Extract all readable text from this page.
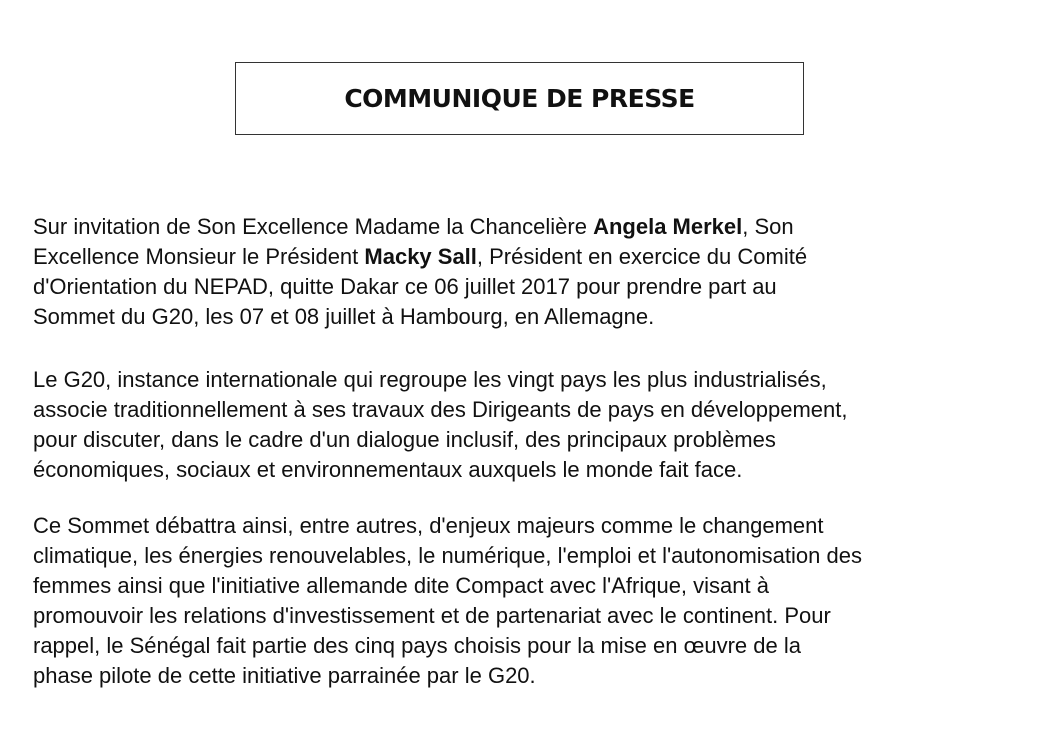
COMMUNIQUE DE PRESSE
Sur invitation de Son Excellence Madame la Chancelière Angela Merkel, Son
Excellence Monsieur le Président Macky Sall, Président en exercice du Comité
d'Orientation du NEPAD, quitte Dakar ce 06 juillet 2017 pour prendre part au
Sommet du G20, les 07 et 08 juillet à Hambourg, en Allemagne.
Le G20, instance internationale qui regroupe les vingt pays les plus industrialisés,
associe traditionnellement à ses travaux des Dirigeants de pays en développement,
pour discuter, dans le cadre d'un dialogue inclusif, des principaux problèmes
économiques, sociaux et environnementaux auxquels le monde fait face.
Ce Sommet débattra ainsi, entre autres, d'enjeux majeurs comme le changement
climatique, les énergies renouvelables, le numérique, l'emploi et l'autonomisation des
femmes ainsi que l'initiative allemande dite Compact avec l'Afrique, visant à
promouvoir les relations d'investissement et de partenariat avec le continent. Pour
rappel, le Sénégal fait partie des cinq pays choisis pour la mise en œuvre de la
phase pilote de cette initiative parrainée par le G20.
